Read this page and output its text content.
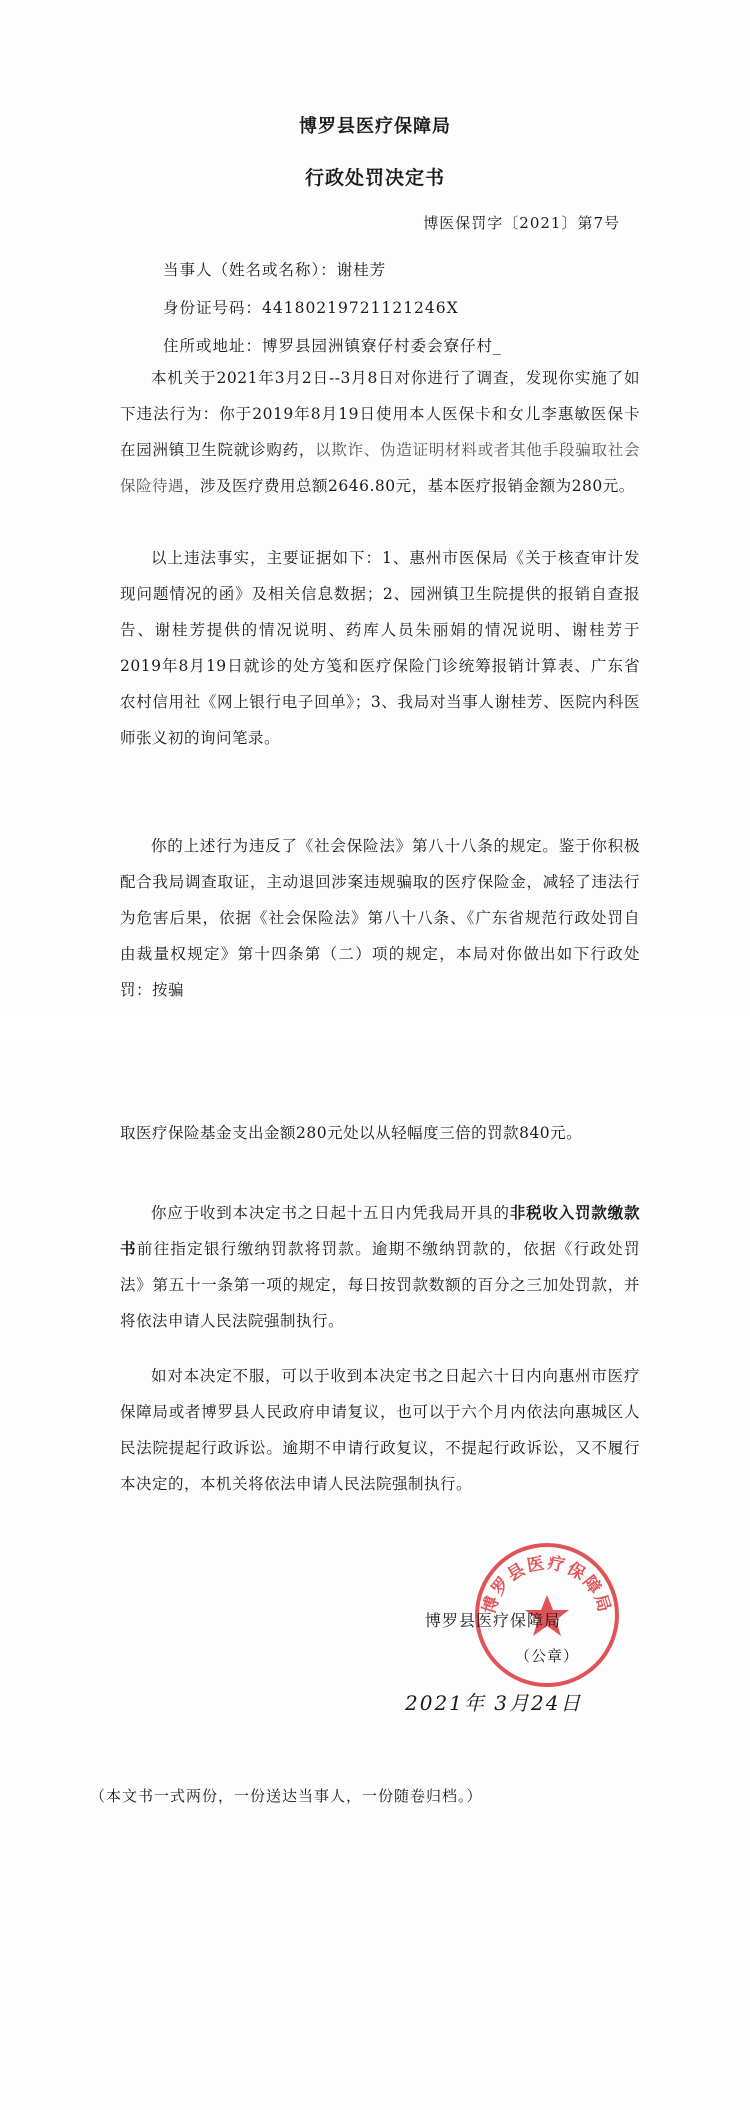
博罗县医疗保障局
行政处罚决定书
博医保罚字〔2021〕第7号
当事人（姓名或名称）：谢桂芳
身份证号码：44180219721121246X
住所或地址：博罗县园洲镇寮仔村委会寮仔村_
本机关于2021年3月2日--3月8日对你进行了调查，发现你实施了如下违法行为：你于2019年8月19日使用本人医保卡和女儿李惠敏医保卡在园洲镇卫生院就诊购药，以欺诈、伪造证明材料或者其他手段骗取社会保险待遇，涉及医疗费用总额2646.80元，基本医疗报销金额为280元。
以上违法事实，主要证据如下：1、惠州市医保局《关于核查审计发现问题情况的函》及相关信息数据；2、园洲镇卫生院提供的报销自查报告、谢桂芳提供的情况说明、药库人员朱丽娟的情况说明、谢桂芳于2019年8月19日就诊的处方笺和医疗保险门诊统筹报销计算表、广东省农村信用社《网上银行电子回单》；3、我局对当事人谢桂芳、医院内科医师张义初的询问笔录。
你的上述行为违反了《社会保险法》第八十八条的规定。鉴于你积极配合我局调查取证，主动退回涉案违规骗取的医疗保险金，减轻了违法行为危害后果，依据《社会保险法》第八十八条、《广东省规范行政处罚自由裁量权规定》第十四条第（二）项的规定，本局对你做出如下行政处罚：按骗
取医疗保险基金支出金额280元处以从轻幅度三倍的罚款840元。
你应于收到本决定书之日起十五日内凭我局开具的非税收入罚款缴款书前往指定银行缴纳罚款将罚款。逾期不缴纳罚款的，依据《行政处罚法》第五十一条第一项的规定，每日按罚款数额的百分之三加处罚款，并将依法申请人民法院强制执行。
如对本决定不服，可以于收到本决定书之日起六十日内向惠州市医疗保障局或者博罗县人民政府申请复议，也可以于六个月内依法向惠城区人民法院提起行政诉讼。逾期不申请行政复议，不提起行政诉讼，又不履行本决定的，本机关将依法申请人民法院强制执行。
博罗县医疗保障局
博罗县医疗保障局
（公章）
2021年 3月24日
（本文书一式两份，一份送达当事人，一份随卷归档。）
